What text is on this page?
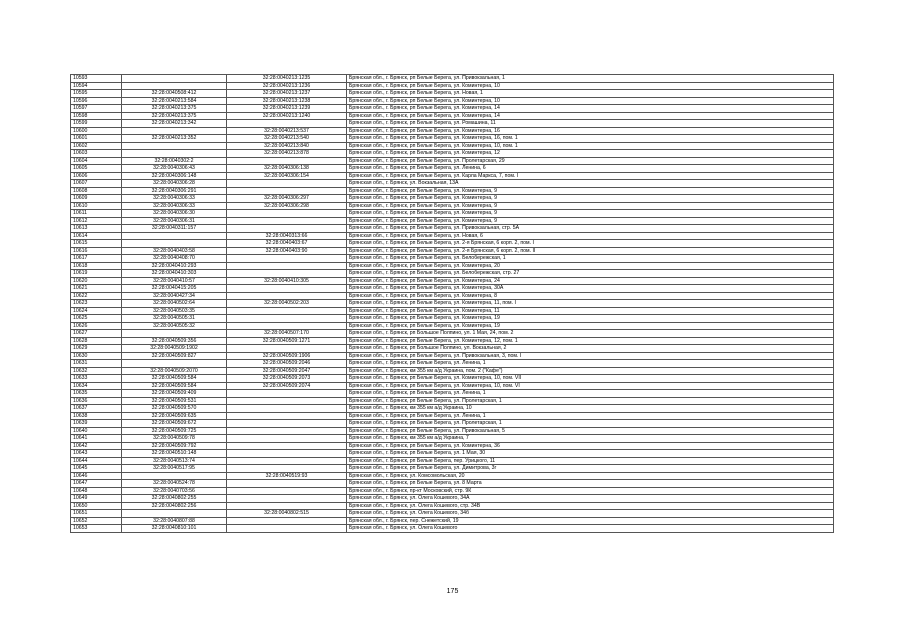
10593		32:28:0040213:1235	Брянская обл., г. Брянск, рп Белые Берега, ул. Привокзальная, 1
10594		32:28:0040213:1236	Брянская обл., г. Брянск, рп Белые Берега, ул. Коминтерна, 10
10595	32:28:0040508:412	32:28:0040213:1237	Брянская обл., г. Брянск, рп Белые Берега, ул. Новая, 1
10596	32:28:0040213:584	32:28:0040213:1238	Брянская обл., г. Брянск, рп Белые Берега, ул. Коминтерна, 10
10597	32:28:0040213:375	32:28:0040213:1239	Брянская обл., г. Брянск, рп Белые Берега, ул. Коминтерна, 14
10598	32:28:0040213:375	32:28:0040213:1240	Брянская обл., г. Брянск, рп Белые Берега, ул. Коминтерна, 14
10599	32:28:0040213:342		Брянская обл., г. Брянск, рп Белые Берега, ул. Ромашина, 11
10600		32:28:0040213:537	Брянская обл., г. Брянск, рп Белые Берега, ул. Коминтерна, 16
10601	32:28:0040213:352	32:28:0040213:540	Брянская обл., г. Брянск, рп Белые Берега, ул. Коминтерна, 16, пом. 1
10602		32:28:0040213:840	Брянская обл., г. Брянск, рп Белые Берега, ул. Коминтерна, 10, пом. 1
10603		32:28:0040213:878	Брянская обл., г. Брянск, рп Белые Берега, ул. Коминтерна, 12
10604	32:28:0040302:2		Брянская обл., г. Брянск, рп Белые Берега, ул. Пролетарская, 29
10605	32:28:0040306:43	32:28:0040306:138	Брянская обл., г. Брянск, рп Белые Берега, ул. Ленина, 6
10606	32:28:0040306:148	32:28:0040306:154	Брянская обл., г. Брянск, рп Белые Берега, ул. Карла Маркса, 7, пом. I
10607	32:28:0040306:28		Брянская обл., г. Брянск, ул. Вокзальная, 13А
10608	32:28:0040306:291		Брянская обл., г. Брянск, рп Белые Берега, ул. Коминтерна, 9
10609	32:28:0040306:33	32:28:0040306:297	Брянская обл., г. Брянск, рп Белые Берега, ул. Коминтерна, 9
10610	32:28:0040306:33	32:28:0040306:298	Брянская обл., г. Брянск, рп Белые Берега, ул. Коминтерна, 9
10611	32:28:0040306:30		Брянская обл., г. Брянск, рп Белые Берега, ул. Коминтерна, 9
10612	32:28:0040306:31		Брянская обл., г. Брянск, рп Белые Берега, ул. Коминтерна, 9
10613	32:28:0040311:157		Брянская обл., г. Брянск, рп Белые Берега, ул. Привокзальная, стр. 5А
10614		32:28:0040313:66	Брянская обл., г. Брянск, рп Белые Берега, ул. Новая, 6
10615		32:28:0040403:67	Брянская обл., г. Брянск, рп Белые Берега, ул. 2-я Брянская, 6 корп. 2, пом. I
10616	32:28:0040403:58	32:28:0040403:90	Брянская обл., г. Брянск, рп Белые Берега, ул. 2-я Брянская, 6 корп. 2, пом. II
10617	32:28:0040408:70		Брянская обл., г. Брянск, рп Белые Берега, ул. Белобережская, 1
10618	32:28:0040410:293		Брянская обл., г. Брянск, рп Белые Берега, ул. Коминтерна, 20
10619	32:28:0040410:303		Брянская обл., г. Брянск, рп Белые Берега, ул. Белобережская, стр. 27
10620	32:28:0040410:57	32:28:0040410:305	Брянская обл., г. Брянск, рп Белые Берега, ул. Коминтерна, 24
10621	32:28:0040415:205		Брянская обл., г. Брянск, рп Белые Берега, ул. Коминтерна, 30А
10622	32:28:0040427:34		Брянская обл., г. Брянск, рп Белые Берега, ул. Коминтерна, 8
10623	32:28:0040502:64	32:28:0040502:203	Брянская обл., г. Брянск, рп Белые Берега, ул. Коминтерна, 11, пом. I
10624	32:28:0040503:35		Брянская обл., г. Брянск, рп Белые Берега, ул. Коминтерна, 11
10625	32:28:0040505:31		Брянская обл., г. Брянск, рп Белые Берега, ул. Коминтерна, 19
10626	32:28:0040505:32		Брянская обл., г. Брянск, рп Белые Берега, ул. Коминтерна, 19
10627		32:28:0040507:170	Брянская обл., г. Брянск, рп Большое Полпино, ул. 1 Мая, 24, пом. 2
10628	32:28:0040509:356	32:28:0040509:1271	Брянская обл., г. Брянск, рп Белые Берега, ул. Коминтерна, 12, пом. 1
10629	32:28:0040509:1902		Брянская обл., г. Брянск, рп Большое Полпино, ул. Вокзальная, 2
10630	32:28:0040509:827	32:28:0040509:1906	Брянская обл., г. Брянск, рп Белые Берега, ул. Привокзальная, 3, пом. I
10631		32:28:0040509:2046	Брянская обл., г. Брянск, рп Белые Берега, ул. Ленина, 1
10632	32:28:0040509:2070	32:28:0040509:2047	Брянская обл., г. Брянск, км 355 км а/д Украина, пом. 2 ("Кафе")
10633	32:28:0040509:584	32:28:0040509:2073	Брянская обл., г. Брянск, рп Белые Берега, ул. Коминтерна, 10, пом. VII
10634	32:28:0040509:584	32:28:0040509:2074	Брянская обл., г. Брянск, рп Белые Берега, ул. Коминтерна, 10, пом. VI
10635	32:28:0040509:409		Брянская обл., г. Брянск, рп Белые Берега, ул. Ленина, 1
10636	32:28:0040509:531		Брянская обл., г. Брянск, рп Белые Берега, ул. Пролетарская, 1
10637	32:28:0040509:570		Брянская обл., г. Брянск, км 355 км а/д Украина, 10
10638	32:28:0040509:635		Брянская обл., г. Брянск, рп Белые Берега, ул. Ленина, 1
10639	32:28:0040509:672		Брянская обл., г. Брянск, рп Белые Берега, ул. Пролетарская, 1
10640	32:28:0040509:725		Брянская обл., г. Брянск, рп Белые Берега, ул. Привокзальная, 5
10641	32:28:0040509:78		Брянская обл., г. Брянск, км 355 км а/д Украина, 7
10642	32:28:0040509:792		Брянская обл., г. Брянск, рп Белые Берега, ул. Коминтерна, 36
10643	32:28:0040510:148		Брянская обл., г. Брянск, рп Белые Берега, ул. 1 Мая, 30
10644	32:28:0040513:74		Брянская обл., г. Брянск, рп Белые Берега, пер. Урицкого, 11
10645	32:28:0040517:95		Брянская обл., г. Брянск, рп Белые Берега, ул. Димитрова, 3г
10646		32:28:0040519:93	Брянская обл., г. Брянск, ул. Комсомольская, 20
10647	32:28:0040524:78		Брянская обл., г. Брянск, рп Белые Берега, ул. 8 Марта
10648	32:28:0040703:56		Брянская обл., г. Брянск, пр-кт Московский, стр. 9К
10649	32:28:0040802:255		Брянская обл., г. Брянск, ул. Олега Кошевого, 34А
10650	32:28:0040802:256		Брянская обл., г. Брянск, ул. Олега Кошевого, стр. 34В
10651		32:28:0040802:515	Брянская обл., г. Брянск, ул. Олега Кошевого, 34б
10652	32:28:0040807:88		Брянская обл., г. Брянск, пер. Снежетский, 19
10653	32:28:0040810:101		Брянская обл., г. Брянск, ул. Олега Кошевого
175
